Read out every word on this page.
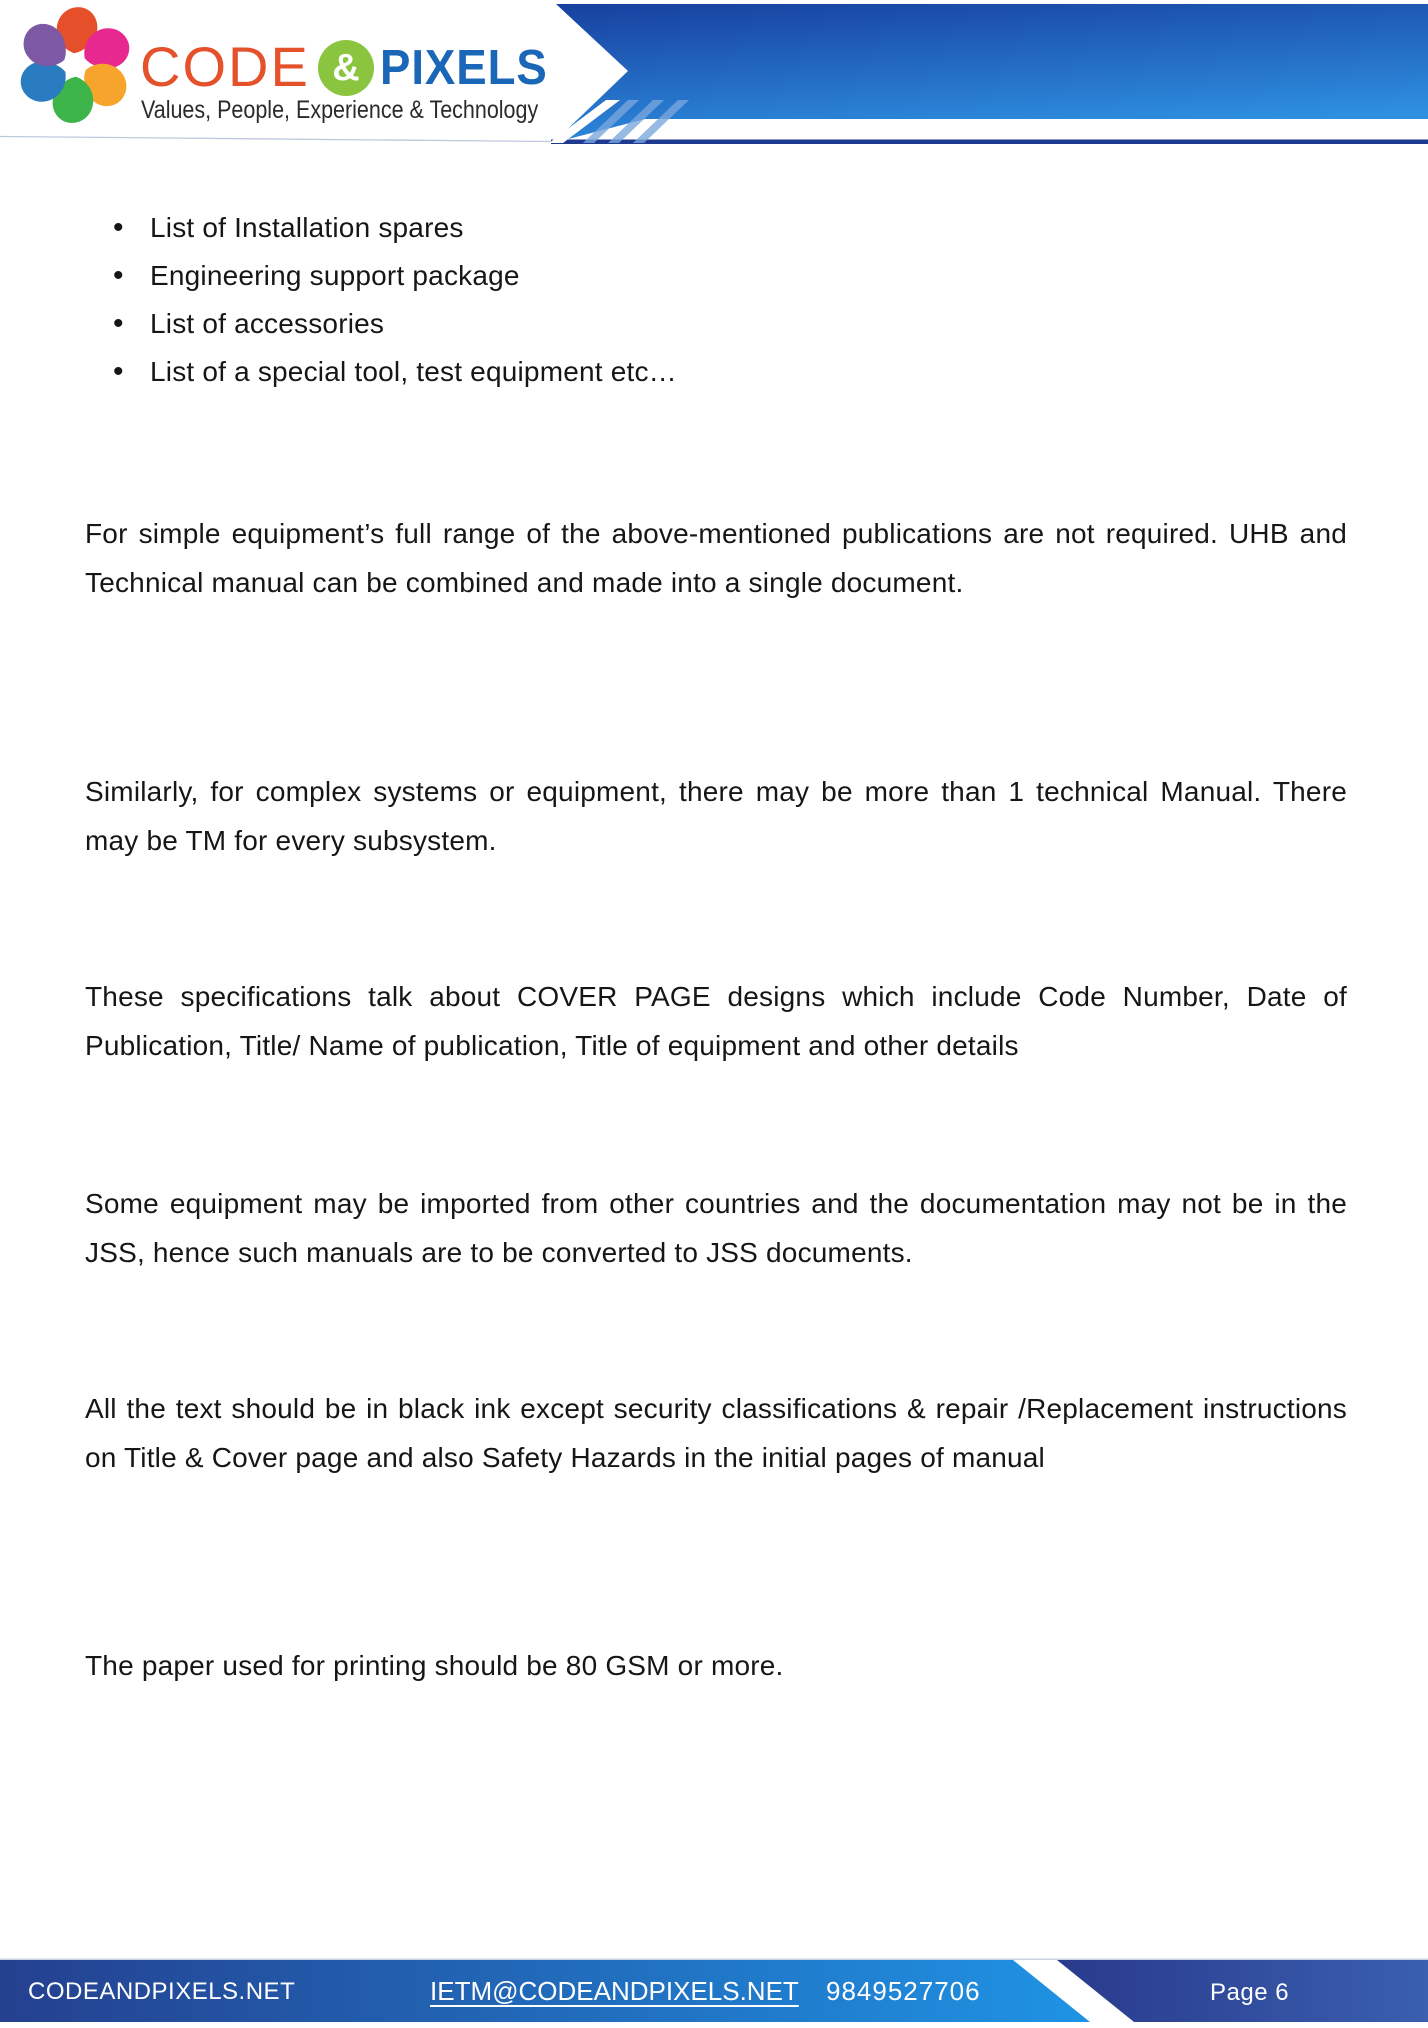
CODE & PIXELS
Values, People, Experience & Technology
• List of Installation spares
• Engineering support package
• List of accessories
• List of a special tool, test equipment etc…

For simple equipment’s full range of the above-mentioned publications are not required. UHB and Technical manual can be combined and made into a single document.

Similarly, for complex systems or equipment, there may be more than 1 technical Manual. There may be TM for every subsystem.

These specifications talk about COVER PAGE designs which include Code Number, Date of Publication, Title/ Name of publication, Title of equipment and other details

Some equipment may be imported from other countries and the documentation may not be in the JSS, hence such manuals are to be converted to JSS documents.

All the text should be in black ink except security classifications & repair /Replacement instructions on Title & Cover page and also Safety Hazards in the initial pages of manual

The paper used for printing should be 80 GSM or more.

CODEANDPIXELS.NET	IETM@CODEANDPIXELS.NET 9849527706	Page 6
